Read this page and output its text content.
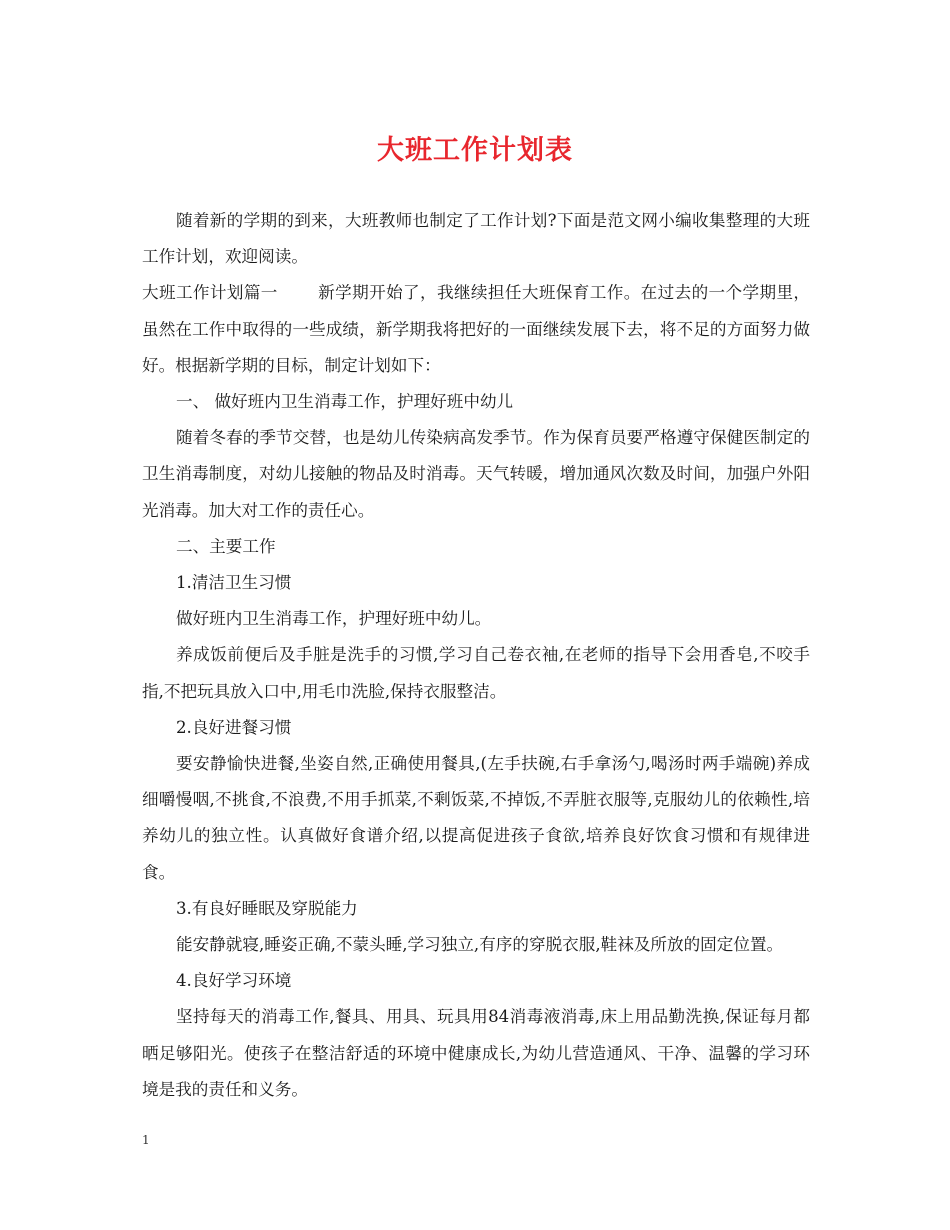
大班工作计划表

随着新的学期的到来，大班教师也制定了工作计划?下面是范文网小编收集整理的大班工作计划，欢迎阅读。

大班工作计划篇一 新学期开始了，我继续担任大班保育工作。在过去的一个学期里，虽然在工作中取得的一些成绩，新学期我将把好的一面继续发展下去，将不足的方面努力做好。根据新学期的目标，制定计划如下：

一、 做好班内卫生消毒工作，护理好班中幼儿

随着冬春的季节交替，也是幼儿传染病高发季节。作为保育员要严格遵守保健医制定的卫生消毒制度，对幼儿接触的物品及时消毒。天气转暖，增加通风次数及时间，加强户外阳光消毒。加大对工作的责任心。

二、主要工作

1.清洁卫生习惯

做好班内卫生消毒工作，护理好班中幼儿。

养成饭前便后及手脏是洗手的习惯,学习自己卷衣袖,在老师的指导下会用香皂,不咬手指,不把玩具放入口中,用毛巾洗脸,保持衣服整洁。

2.良好进餐习惯

要安静愉快进餐,坐姿自然,正确使用餐具,(左手扶碗,右手拿汤勺,喝汤时两手端碗)养成细嚼慢咽,不挑食,不浪费,不用手抓菜,不剩饭菜,不掉饭,不弄脏衣服等,克服幼儿的依赖性,培养幼儿的独立性。认真做好食谱介绍,以提高促进孩子食欲,培养良好饮食习惯和有规律进食。

3.有良好睡眠及穿脱能力

能安静就寝,睡姿正确,不蒙头睡,学习独立,有序的穿脱衣服,鞋袜及所放的固定位置。

4.良好学习环境

坚持每天的消毒工作,餐具、用具、玩具用84消毒液消毒,床上用品勤洗换,保证每月都晒足够阳光。使孩子在整洁舒适的环境中健康成长,为幼儿营造通风、干净、温馨的学习环境是我的责任和义务。

1
